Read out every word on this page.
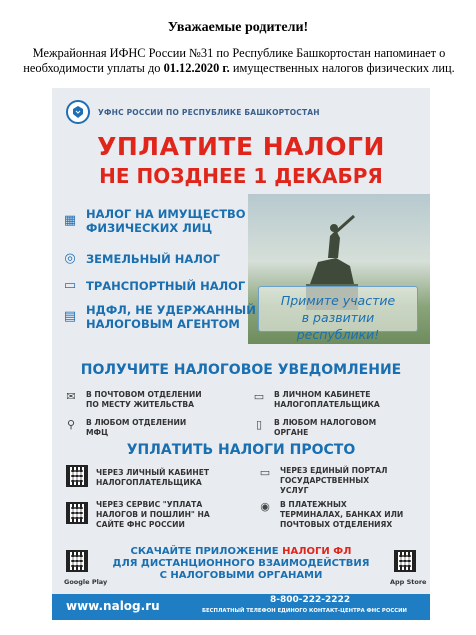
Уважаемые родители!
Межрайонная ИФНС России №31 по Республике Башкортостан напоминает о необходимости уплаты до 01.12.2020 г. имущественных налогов физических лиц.
УФНС РОССИИ ПО РЕСПУБЛИКЕ БАШКОРТОСТАН
УПЛАТИТЕ НАЛОГИ
НЕ ПОЗДНЕЕ 1 ДЕКАБРЯ
Примите участие
в развитии республики!
▦ НАЛОГ НА ИМУЩЕСТВО ФИЗИЧЕСКИХ ЛИЦ
◎ ЗЕМЕЛЬНЫЙ НАЛОГ
▭ ТРАНСПОРТНЫЙ НАЛОГ
▤ НДФЛ, НЕ УДЕРЖАННЫЙ НАЛОГОВЫМ АГЕНТОМ
ПОЛУЧИТЕ НАЛОГОВОЕ УВЕДОМЛЕНИЕ
✉	В ПОЧТОВОМ ОТДЕЛЕНИИ ПО МЕСТУ ЖИТЕЛЬСТВА
▭ В ЛИЧНОМ КАБИНЕТЕ НАЛОГОПЛАТЕЛЬЩИКА
⚲	В ЛЮБОМ ОТДЕЛЕНИИ МФЦ
▯	В ЛЮБОМ НАЛОГОВОМ ОРГАНЕ
УПЛАТИТЬ НАЛОГИ ПРОСТО
ЧЕРЕЗ ЛИЧНЫЙ КАБИНЕТ НАЛОГОПЛАТЕЛЬЩИКА
▭ ЧЕРЕЗ ЕДИНЫЙ ПОРТАЛ ГОСУДАРСТВЕННЫХ УСЛУГ
ЧЕРЕЗ СЕРВИС "УПЛАТА НАЛОГОВ И ПОШЛИН" НА САЙТЕ ФНС РОССИИ
◉ В ПЛАТЕЖНЫХ ТЕРМИНАЛАХ, БАНКАХ ИЛИ ПОЧТОВЫХ ОТДЕЛЕНИЯХ
СКАЧАЙТЕ ПРИЛОЖЕНИЕ НАЛОГИ ФЛ
ДЛЯ ДИСТАНЦИОННОГО ВЗАИМОДЕЙСТВИЯ
С НАЛОГОВЫМИ ОРГАНАМИ
Google Play	App Store
www.nalog.ru	8-800-222-2222
БЕСПЛАТНЫЙ ТЕЛЕФОН ЕДИНОГО КОНТАКТ-ЦЕНТРА ФНС РОССИИ
